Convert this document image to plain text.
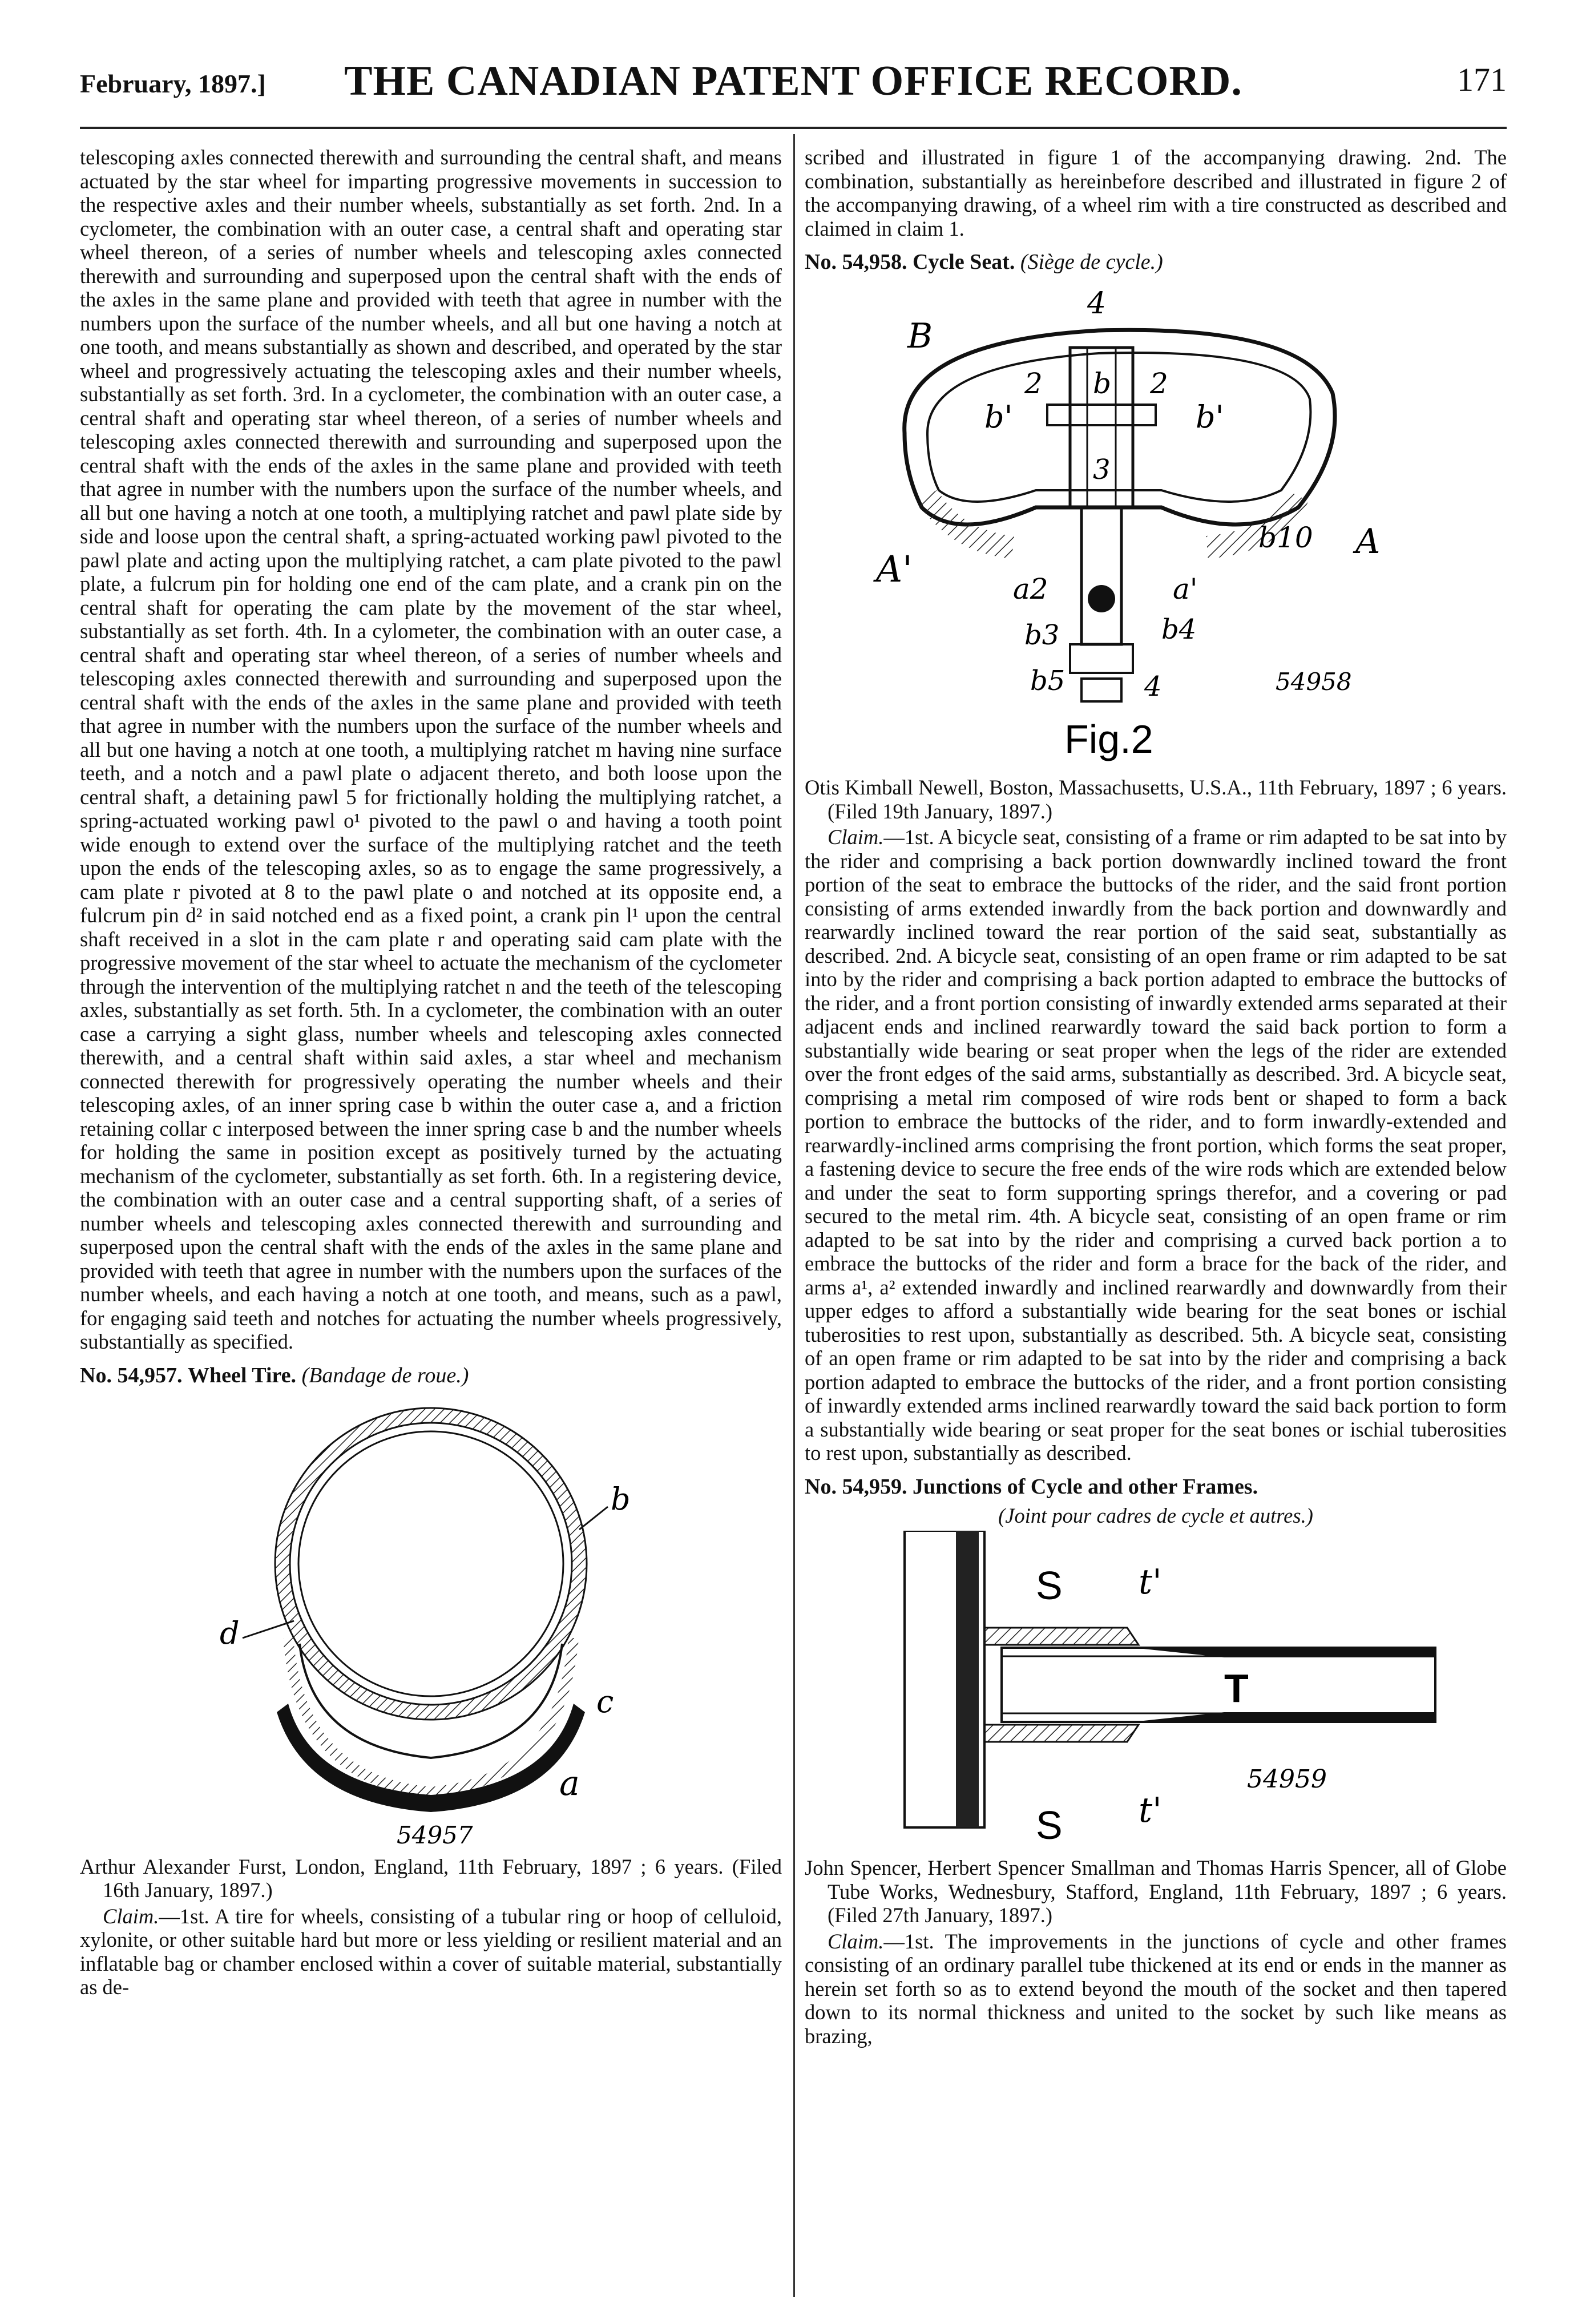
February, 1897.]	THE CANADIAN PATENT OFFICE RECORD.	171

telescoping axles connected therewith and surrounding the central shaft, and means actuated by the star wheel for imparting progressive movements in succession to the respective axles and their number wheels, substantially as set forth. 2nd. In a cyclometer, the combination with an outer case, a central shaft and operating star wheel thereon, of a series of number wheels and telescoping axles connected therewith and surrounding and superposed upon the central shaft with the ends of the axles in the same plane and provided with teeth that agree in number with the numbers upon the surface of the number wheels, and all but one having a notch at one tooth, and means substantially as shown and described, and operated by the star wheel and progressively actuating the telescoping axles and their number wheels, substantially as set forth. 3rd. In a cyclometer, the combination with an outer case, a central shaft and operating star wheel thereon, of a series of number wheels and telescoping axles connected therewith and surrounding and superposed upon the central shaft with the ends of the axles in the same plane and provided with teeth that agree in number with the numbers upon the surface of the number wheels, and all but one having a notch at one tooth, a multiplying ratchet and pawl plate side by side and loose upon the central shaft, a spring-actuated working pawl pivoted to the pawl plate and acting upon the multiplying ratchet, a cam plate pivoted to the pawl plate, a fulcrum pin for holding one end of the cam plate, and a crank pin on the central shaft for operating the cam plate by the movement of the star wheel, substantially as set forth. 4th. In a cylometer, the combination with an outer case, a central shaft and operating star wheel thereon, of a series of number wheels and telescoping axles connected therewith and surrounding and superposed upon the central shaft with the ends of the axles in the same plane and provided with teeth that agree in number with the numbers upon the surface of the number wheels and all but one having a notch at one tooth, a multiplying ratchet m having nine surface teeth, and a notch and a pawl plate o adjacent thereto, and both loose upon the central shaft, a detaining pawl 5 for frictionally holding the multiplying ratchet, a spring-actuated working pawl o¹ pivoted to the pawl o and having a tooth point wide enough to extend over the surface of the multiplying ratchet and the teeth upon the ends of the telescoping axles, so as to engage the same progressively, a cam plate r pivoted at 8 to the pawl plate o and notched at its opposite end, a fulcrum pin d² in said notched end as a fixed point, a crank pin l¹ upon the central shaft received in a slot in the cam plate r and operating said cam plate with the progressive movement of the star wheel to actuate the mechanism of the cyclometer through the intervention of the multiplying ratchet n and the teeth of the telescoping axles, substantially as set forth. 5th. In a cyclometer, the combination with an outer case a carrying a sight glass, number wheels and telescoping axles connected therewith, and a central shaft within said axles, a star wheel and mechanism connected therewith for progressively operating the number wheels and their telescoping axles, of an inner spring case b within the outer case a, and a friction retaining collar c interposed between the inner spring case b and the number wheels for holding the same in position except as positively turned by the actuating mechanism of the cyclometer, substantially as set forth. 6th. In a registering device, the combination with an outer case and a central supporting shaft, of a series of number wheels and telescoping axles connected therewith and surrounding and superposed upon the central shaft with the ends of the axles in the same plane and provided with teeth that agree in number with the numbers upon the surfaces of the number wheels, and each having a notch at one tooth, and means, such as a pawl, for engaging said teeth and notches for actuating the number wheels progressively, substantially as specified.

No. 54,957. Wheel Tire. (Bandage de roue.)
b
c
d
a
54957

Arthur Alexander Furst, London, England, 11th February, 1897 ; 6 years. (Filed 16th January, 1897.)

Claim.—1st. A tire for wheels, consisting of a tubular ring or hoop of celluloid, xylonite, or other suitable hard but more or less yielding or resilient material and an inflatable bag or chamber enclosed within a cover of suitable material, substantially as de-

scribed and illustrated in figure 1 of the accompanying drawing. 2nd. The combination, substantially as hereinbefore described and illustrated in figure 2 of the accompanying drawing, of a wheel rim with a tire constructed as described and claimed in claim 1.

No. 54,958. Cycle Seat. (Siège de cycle.)
4
B
2 b 2
b'	b'
3
A'
b10 A
a2	a'
b3	b4
b5	4	54958
Fig.2

Otis Kimball Newell, Boston, Massachusetts, U.S.A., 11th February, 1897 ; 6 years. (Filed 19th January, 1897.)

Claim.—1st. A bicycle seat, consisting of a frame or rim adapted to be sat into by the rider and comprising a back portion downwardly inclined toward the front portion of the seat to embrace the buttocks of the rider, and the said front portion consisting of arms extended inwardly from the back portion and downwardly and rearwardly inclined toward the rear portion of the said seat, substantially as described. 2nd. A bicycle seat, consisting of an open frame or rim adapted to be sat into by the rider and comprising a back portion adapted to embrace the buttocks of the rider, and a front portion consisting of inwardly extended arms separated at their adjacent ends and inclined rearwardly toward the said back portion to form a substantially wide bearing or seat proper when the legs of the rider are extended over the front edges of the said arms, substantially as described. 3rd. A bicycle seat, comprising a metal rim composed of wire rods bent or shaped to form a back portion to embrace the buttocks of the rider, and to form inwardly-extended and rearwardly-inclined arms comprising the front portion, which forms the seat proper, a fastening device to secure the free ends of the wire rods which are extended below and under the seat to form supporting springs therefor, and a covering or pad secured to the metal rim. 4th. A bicycle seat, consisting of an open frame or rim adapted to be sat into by the rider and comprising a curved back portion a to embrace the buttocks of the rider and form a brace for the back of the rider, and arms a¹, a² extended inwardly and inclined rearwardly and downwardly from their upper edges to afford a substantially wide bearing for the seat bones or ischial tuberosities to rest upon, substantially as described. 5th. A bicycle seat, consisting of an open frame or rim adapted to be sat into by the rider and comprising a back portion adapted to embrace the buttocks of the rider, and a front portion consisting of inwardly extended arms inclined rearwardly toward the said back portion to form a substantially wide bearing or seat proper for the seat bones or ischial tuberosities to rest upon, substantially as described.

No. 54,959. Junctions of Cycle and other Frames.

(Joint pour cadres de cycle et autres.)

S t'
M	T
S t'
54959

John Spencer, Herbert Spencer Smallman and Thomas Harris Spencer, all of Globe Tube Works, Wednesbury, Stafford, England, 11th February, 1897 ; 6 years. (Filed 27th January, 1897.)

Claim.—1st. The improvements in the junctions of cycle and other frames consisting of an ordinary parallel tube thickened at its end or ends in the manner as herein set forth so as to extend beyond the mouth of the socket and then tapered down to its normal thickness and united to the socket by such like means as brazing,
